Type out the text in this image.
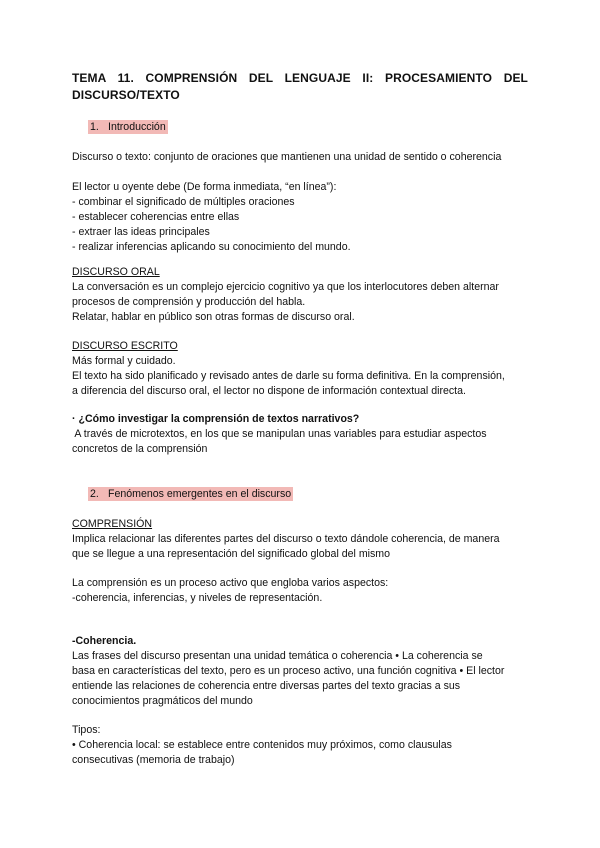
TEMA 11. COMPRENSIÓN DEL LENGUAJE II: PROCESAMIENTO DEL DISCURSO/TEXTO
1. Introducción

Discurso o texto: conjunto de oraciones que mantienen una unidad de sentido o coherencia

El lector u oyente debe (De forma inmediata, “en línea”):

- combinar el significado de múltiples oraciones

- establecer coherencias entre ellas

- extraer las ideas principales

- realizar inferencias aplicando su conocimiento del mundo.

DISCURSO ORAL

La conversación es un complejo ejercicio cognitivo ya que los interlocutores deben alternar

procesos de comprensión y producción del habla.

Relatar, hablar en público son otras formas de discurso oral.

DISCURSO ESCRITO

Más formal y cuidado.

El texto ha sido planificado y revisado antes de darle su forma definitiva. En la comprensión,

a diferencia del discurso oral, el lector no dispone de información contextual directa.

· ¿Cómo investigar la comprensión de textos narrativos?

A través de microtextos, en los que se manipulan unas variables para estudiar aspectos

concretos de la comprensión

2. Fenómenos emergentes en el discurso

COMPRENSIÓN

Implica relacionar las diferentes partes del discurso o texto dándole coherencia, de manera

que se llegue a una representación del significado global del mismo

La comprensión es un proceso activo que engloba varios aspectos:

-coherencia, inferencias, y niveles de representación.

-Coherencia.

Las frases del discurso presentan una unidad temática o coherencia • La coherencia se

basa en características del texto, pero es un proceso activo, una función cognitiva • El lector

entiende las relaciones de coherencia entre diversas partes del texto gracias a sus

conocimientos pragmáticos del mundo

Tipos:

• Coherencia local: se establece entre contenidos muy próximos, como clausulas

consecutivas (memoria de trabajo)
